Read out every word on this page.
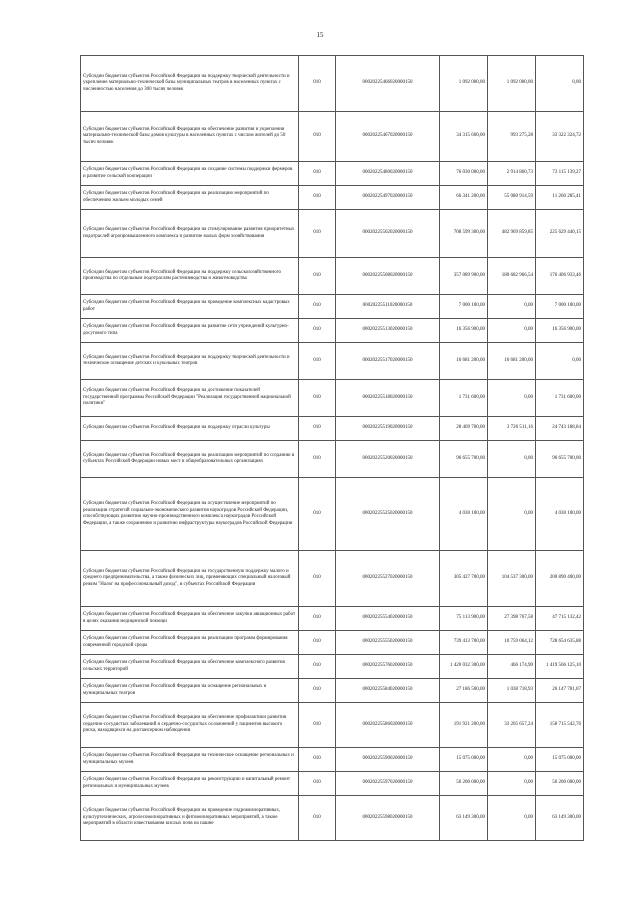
15
Субсидии бюджетам субъектов Российской Федерации на поддержку творческой деятельности и укрепление материально-технической базы муниципальных театров в населенных пунктах с численностью населения до 300 тысяч человек	010	00020225466020000150	1 092 000,00	1 092 000,00	0,00
Субсидии бюджетам субъектов Российской Федерации на обеспечение развития и укрепления материально-технической базы домов культуры в населенных пунктах с числом жителей до 50 тысяч человек	010	00020225467020000150	34 315 600,00	993 275,28	33 322 324,72
Субсидии бюджетам субъектов Российской Федерации на создание системы поддержки фермеров и развитие сельской кооперации	010	00020225480020000150	76 030 000,00	2 914 860,73	73 115 139,27
Субсидии бюджетам субъектов Российской Федерации на реализацию мероприятий по обеспечению жильем молодых семей	010	00020225497020000150	66 341 200,00	55 080 914,59	11 260 285,41
Субсидии бюджетам субъектов Российской Федерации на стимулирование развития приоритетных подотраслей агропромышленного комплекса и развитие малых форм хозяйствования	010	00020225502020000150	708 599 300,00	482 969 859,85	225 629 440,15
Субсидии бюджетам субъектов Российской Федерации на поддержку сельскохозяйственного производства по отдельным подотраслям растениеводства и животноводства	010	00020225508020000150	357 089 900,00	180 682 966,54	176 406 933,46
Субсидии бюджетам субъектов Российской Федерации на проведение комплексных кадастровых работ	010	00020225511020000150	7 000 100,00	0,00	7 000 100,00
Субсидии бюджетам субъектов Российской Федерации на развитие сети учреждений культурно-досугового типа	010	00020225513020000150	16 356 900,00	0,00	16 356 900,00
Субсидии бюджетам субъектов Российской Федерации на поддержку творческой деятельности и техническое оснащение детских и кукольных театров	010	00020225517020000150	16 681 200,00	16 681 200,00	0,00
Субсидии бюджетам субъектов Российской Федерации на достижение показателей государственной программы Российской Федерации "Реализация государственной национальной политики"	010	00020225518020000150	1 731 600,00	0,00	1 731 600,00
Субсидии бюджетам субъектов Российской Федерации на поддержку отрасли культуры	010	00020225519020000150	28 469 700,00	3 726 511,16	24 743 188,84
Субсидии бюджетам субъектов Российской Федерации на реализацию мероприятий по созданию в субъектах Российской Федерации новых мест в общеобразовательных организациях	010	00020225520020000150	96 655 700,00	0,00	96 655 700,00
Субсидии бюджетам субъектов Российской Федерации на осуществление мероприятий по реализации стратегий социально-экономического развития наукоградов Российской Федерации, способствующих развитию научно-производственного комплекса наукоградов Российской Федерации, а также сохранению и развитию инфраструктуры наукоградов Российской Федерации	010	00020225525020000150	4 030 100,00	0,00	4 030 100,00
Субсидии бюджетам субъектов Российской Федерации на государственную поддержку малого и среднего предпринимательства, а также физических лиц, применяющих специальный налоговый режим "Налог на профессиональный доход", в субъектах Российской Федерации	010	00020225527020000150	305 427 700,00	104 537 300,00	200 890 400,00
Субсидии бюджетам субъектов Российской Федерации на обеспечение закупки авиационных работ в целях оказания медицинской помощи	010	00020225554020000150	75 113 900,00	27 398 767,58	47 715 132,42
Субсидии бюджетам субъектов Российской Федерации на реализацию программ формирования современной городской среды	010	00020225555020000150	739 413 700,00	10 759 064,12	728 654 635,88
Субсидии бюджетам субъектов Российской Федерации на обеспечение комплексного развития сельских территорий	010	00020225576020000150	1 420 032 300,00	466 174,90	1 419 566 125,10
Субсидии бюджетам субъектов Российской Федерации на оснащение региональных и муниципальных театров	010	00020225584020000150	27 186 500,00	1 038 718,93	26 147 781,07
Субсидии бюджетам субъектов Российской Федерации на обеспечение профилактики развития сердечно-сосудистых заболеваний и сердечно-сосудистых осложнений у пациентов высокого риска, находящихся на диспансерном наблюдении	010	00020225586020000150	191 921 200,00	33 205 657,24	158 715 542,76
Субсидии бюджетам субъектов Российской Федерации на техническое оснащение региональных и муниципальных музеев	010	00020225590020000150	15 075 000,00	0,00	15 075 000,00
Субсидии бюджетам субъектов Российской Федерации на реконструкцию и капитальный ремонт региональных и муниципальных музеев	010	00020225597020000150	50 200 000,00	0,00	50 200 000,00
Субсидии бюджетам субъектов Российской Федерации на проведение гидромелиоративных, культуртехнических, агролесомелиоративных и фитомелиоративных мероприятий, а также мероприятий в области известкования кислых почв на пашне	010	00020225598020000150	63 149 300,00	0,00	63 149 300,00
